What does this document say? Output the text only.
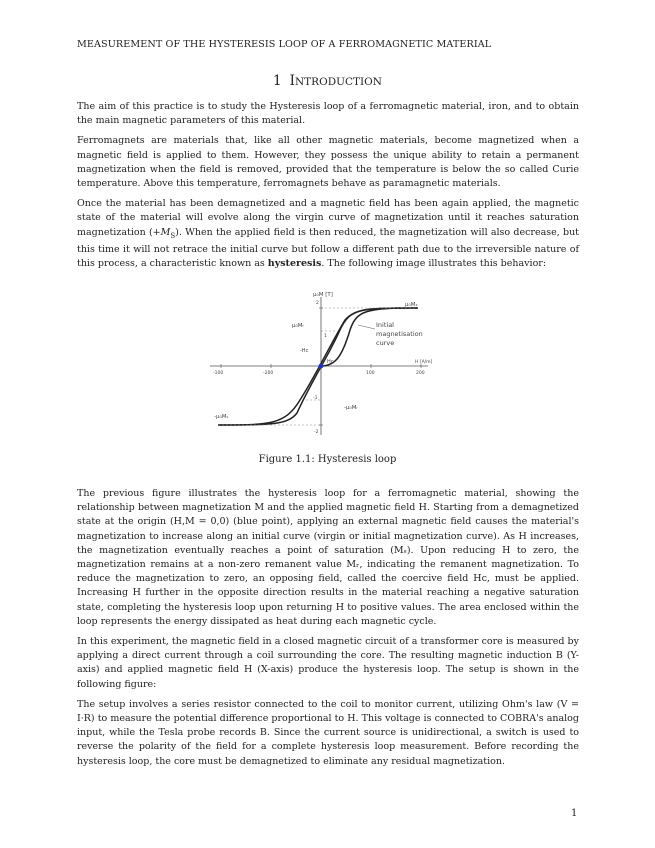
MEASUREMENT OF THE HYSTERESIS LOOP OF A FERROMAGNETIC MATERIAL
1 INTRODUCTION

The aim of this practice is to study the Hysteresis loop of a ferromagnetic material, iron, and to obtain the main magnetic parameters of this material.

Ferromagnets are materials that, like all other magnetic materials, become magnetized when a magnetic field is applied to them. However, they possess the unique ability to retain a permanent magnetization when the field is removed, provided that the temperature is below the so called Curie temperature. Above this temperature, ferromagnets behave as paramagnetic materials.

Once the material has been demagnetized and a magnetic field has been again applied, the magnetic state of the material will evolve along the virgin curve of magnetization until it reaches saturation magnetization $(+M_S)$. When the applied field is then reduced, the magnetization will also decrease, but this time it will not retrace the initial curve but follow a different path due to the irreversible nature of this process, a characteristic known as hysteresis. The following image illustrates this behavior:

μ₀M [T]
H [A/m]
μ₀Mₛ
-μ₀Mₛ
μ₀Mᵣ
-μ₀Mᵣ
Hᴄ
-Hᴄ
Initial
magnetisation
curve
-200
-100	100	200
2
1
-1
-2
Figure 1.1: Hysteresis loop

The previous figure illustrates the hysteresis loop for a ferromagnetic material, showing the relationship between magnetization M and the applied magnetic field H. Starting from a demagnetized state at the origin (H,M = 0,0) (blue point), applying an external magnetic field causes the material's magnetization to increase along an initial curve (virgin or initial magnetization curve). As H increases, the magnetization eventually reaches a point of saturation (Mₛ). Upon reducing H to zero, the magnetization remains at a non-zero remanent value Mᵣ, indicating the remanent magnetization. To reduce the magnetization to zero, an opposing field, called the coercive field Hᴄ, must be applied. Increasing H further in the opposite direction results in the material reaching a negative saturation state, completing the hysteresis loop upon returning H to positive values. The area enclosed within the loop represents the energy dissipated as heat during each magnetic cycle.

In this experiment, the magnetic field in a closed magnetic circuit of a transformer core is measured by applying a direct current through a coil surrounding the core. The resulting magnetic induction B (Y-axis) and applied magnetic field H (X-axis) produce the hysteresis loop. The setup is shown in the following figure:

The setup involves a series resistor connected to the coil to monitor current, utilizing Ohm's law (V = I·R) to measure the potential difference proportional to H. This voltage is connected to COBRA's analog input, while the Tesla probe records B. Since the current source is unidirectional, a switch is used to reverse the polarity of the field for a complete hysteresis loop measurement. Before recording the hysteresis loop, the core must be demagnetized to eliminate any residual magnetization.

1
